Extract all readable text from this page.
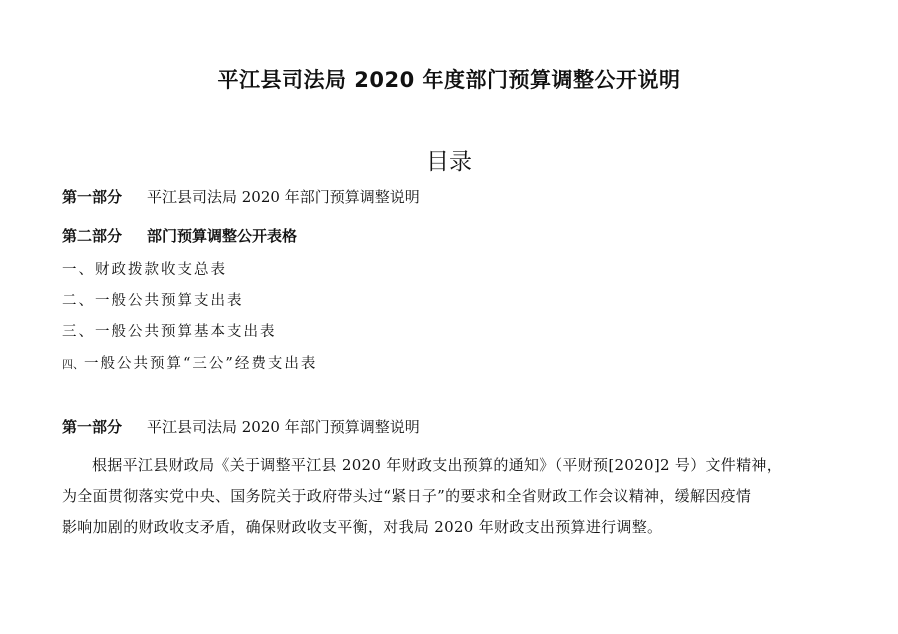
平江县司法局 2020 年度部门预算调整公开说明
目录
第一部分 平江县司法局 2020 年部门预算调整说明
第二部分 部门预算调整公开表格
一、财政拨款收支总表
二、一般公共预算支出表
三、一般公共预算基本支出表
四、一般公共预算“三公”经费支出表
第一部分 平江县司法局 2020 年部门预算调整说明
根据平江县财政局《关于调整平江县 2020 年财政支出预算的通知》（平财预[2020]2 号）文件精神，
为全面贯彻落实党中央、国务院关于政府带头过“紧日子”的要求和全省财政工作会议精神，缓解因疫情
影响加剧的财政收支矛盾，确保财政收支平衡，对我局 2020 年财政支出预算进行调整。
